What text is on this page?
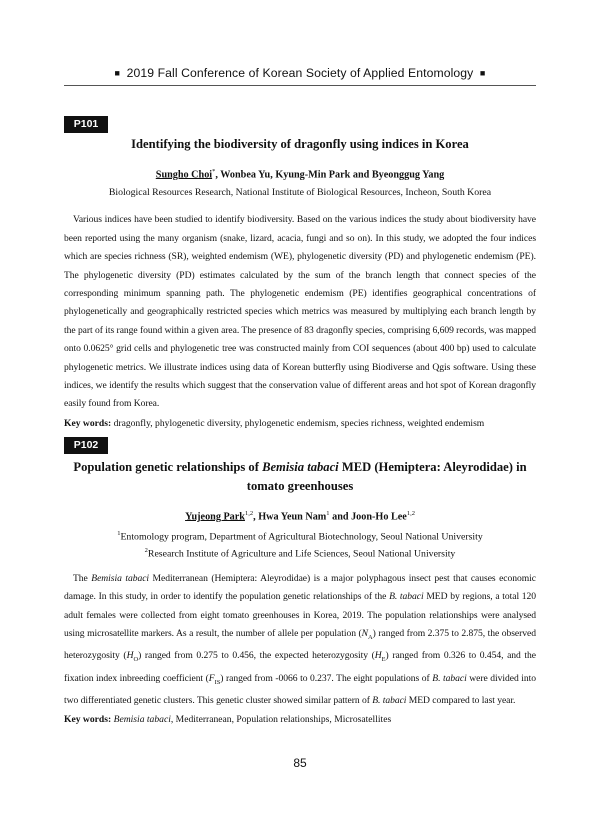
■ 2019 Fall Conference of Korean Society of Applied Entomology ■
P101

Identifying the biodiversity of dragonfly using indices in Korea

Sungho Choi*, Wonbea Yu, Kyung-Min Park and Byeonggug Yang

Biological Resources Research, National Institute of Biological Resources, Incheon, South Korea

Various indices have been studied to identify biodiversity. Based on the various indices the study about biodiversity have been reported using the many organism (snake, lizard, acacia, fungi and so on). In this study, we adopted the four indices which are species richness (SR), weighted endemism (WE), phylogenetic diversity (PD) and phylogenetic endemism (PE). The phylogenetic diversity (PD) estimates calculated by the sum of the branch length that connect species of the corresponding minimum spanning path. The phylogenetic endemism (PE) identifies geographical concentrations of phylogenetically and geographically restricted species which metrics was measured by multiplying each branch length by the part of its range found within a given area. The presence of 83 dragonfly species, comprising 6,609 records, was mapped onto 0.0625° grid cells and phylogenetic tree was constructed mainly from COI sequences (about 400 bp) used to calculate phylogenetic metrics. We illustrate indices using data of Korean butterfly using Biodiverse and Qgis software. Using these indices, we identify the results which suggest that the conservation value of different areas and hot spot of Korean dragonfly easily found from Korea.

Key words: dragonfly, phylogenetic diversity, phylogenetic endemism, species richness, weighted endemism

P102

Population genetic relationships of Bemisia tabaci MED (Hemiptera: Aleyrodidae) in tomato greenhouses

Yujeong Park$^{1,2}$, Hwa Yeun Nam$^1$ and Joon-Ho Lee$^{1,2}$

$^1$Entomology program, Department of Agricultural Biotechnology, Seoul National University

$^2$Research Institute of Agriculture and Life Sciences, Seoul National University

The Bemisia tabaci Mediterranean (Hemiptera: Aleyrodidae) is a major polyphagous insect pest that causes economic damage. In this study, in order to identify the population genetic relationships of the B. tabaci MED by regions, a total 120 adult females were collected from eight tomato greenhouses in Korea, 2019. The population relationships were analysed using microsatellite markers. As a result, the number of allele per population $(N_A)$ ranged from 2.375 to 2.875, the observed heterozygosity $(H_O)$ ranged from 0.275 to 0.456, the expected heterozygosity $(H_E)$ ranged from 0.326 to 0.454, and the fixation index inbreeding coefficient $(F_{IS})$ ranged from -0066 to 0.237. The eight populations of B. tabaci were divided into two differentiated genetic clusters. This genetic cluster showed similar pattern of B. tabaci MED compared to last year.

Key words: Bemisia tabaci, Mediterranean, Population relationships, Microsatellites

85
